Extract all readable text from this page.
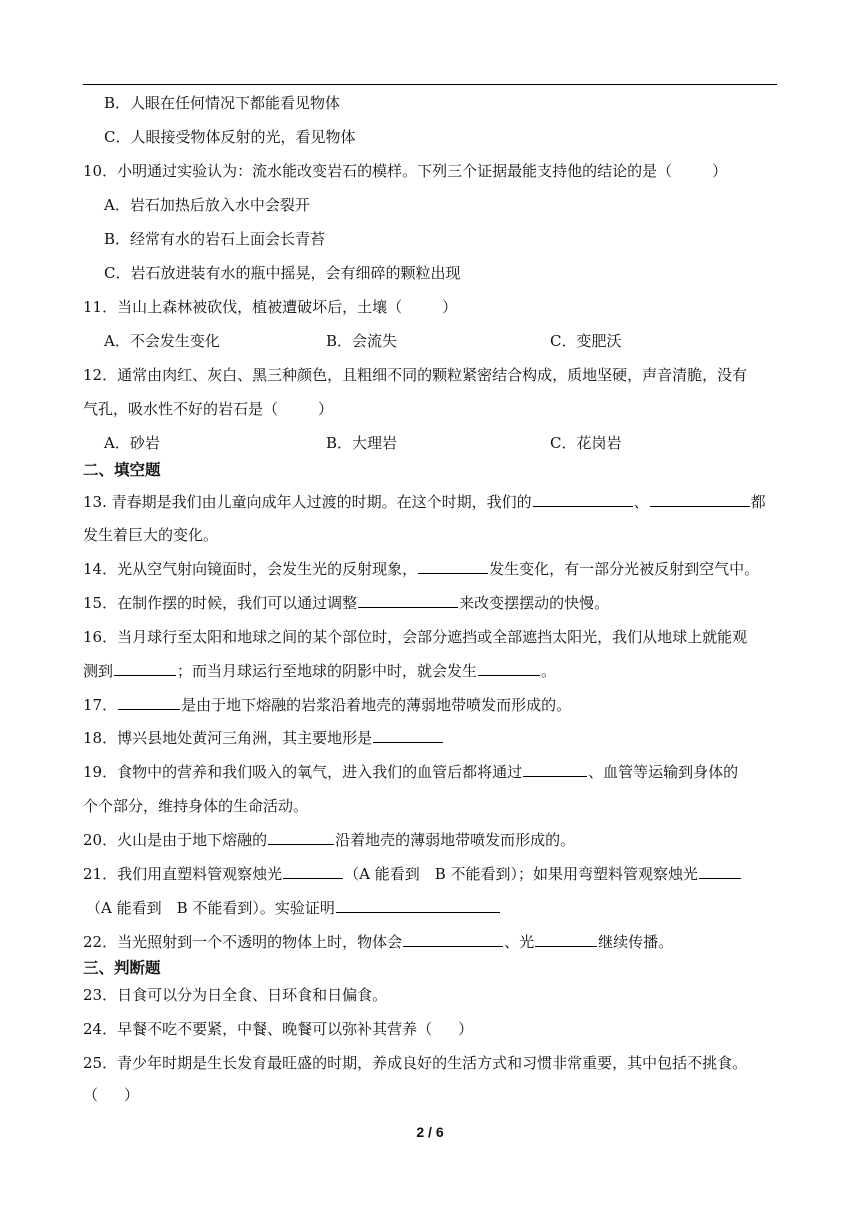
B．人眼在任何情况下都能看见物体
C．人眼接受物体反射的光，看见物体
10．小明通过实验认为：流水能改变岩石的模样。下列三个证据最能支持他的结论的是（	）
A．岩石加热后放入水中会裂开
B．经常有水的岩石上面会长青苔
C．岩石放进装有水的瓶中摇晃，会有细碎的颗粒出现
11．当山上森林被砍伐，植被遭破坏后，土壤（	）
A．不会发生变化	B．会流失	C．变肥沃
12．通常由肉红、灰白、黑三种颜色，且粗细不同的颗粒紧密结合构成，质地坚硬，声音清脆，没有
气孔，吸水性不好的岩石是（	）
A．砂岩	B．大理岩	C．花岗岩
二、填空题
13. 青春期是我们由儿童向成年人过渡的时期。在这个时期，我们的	、	都
发生着巨大的变化。
14．光从空气射向镜面时，会发生光的反射现象，	发生变化，有一部分光被反射到空气中。
15．在制作摆的时候，我们可以通过调整	来改变摆摆动的快慢。
16．当月球行至太阳和地球之间的某个部位时，会部分遮挡或全部遮挡太阳光，我们从地球上就能观
测到	；而当月球运行至地球的阴影中时，就会发生	。
17．	是由于地下熔融的岩浆沿着地壳的薄弱地带喷发而形成的。
18．博兴县地处黄河三角洲，其主要地形是
19．食物中的营养和我们吸入的氧气，进入我们的血管后都将通过	、血管等运输到身体的
个个部分，维持身体的生命活动。
20．火山是由于地下熔融的	沿着地壳的薄弱地带喷发而形成的。
21．我们用直塑料管观察烛光	（A 能看到　B 不能看到）；如果用弯塑料管观察烛光
（A 能看到　B 不能看到）。实验证明
22．当光照射到一个不透明的物体上时，物体会	、光	继续传播。
三、判断题
23．日食可以分为日全食、日环食和日偏食。
24．早餐不吃不要紧，中餐、晚餐可以弥补其营养（ ）
25．青少年时期是生长发育最旺盛的时期，养成良好的生活方式和习惯非常重要，其中包括不挑食。
（ ）
2 / 6
